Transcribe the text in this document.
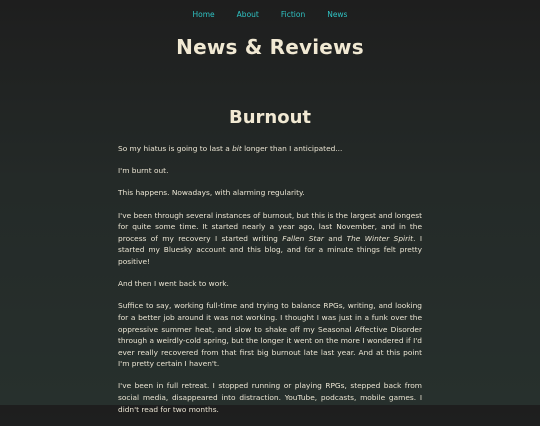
Home	About	Fiction	News
News & Reviews
Burnout

So my hiatus is going to last a bit longer than I anticipated...

I'm burnt out.

This happens. Nowadays, with alarming regularity.

I've been through several instances of burnout, but this is the largest and longest for quite some time. It started nearly a year ago, last November, and in the process of my recovery I started writing Fallen Star and The Winter Spirit. I started my Bluesky account and this blog, and for a minute things felt pretty positive!

And then I went back to work.

Suffice to say, working full-time and trying to balance RPGs, writing, and looking for a better job around it was not working. I thought I was just in a funk over the oppressive summer heat, and slow to shake off my Seasonal Affective Disorder through a weirdly-cold spring, but the longer it went on the more I wondered if I'd ever really recovered from that first big burnout late last year. And at this point I'm pretty certain I haven't.

I've been in full retreat. I stopped running or playing RPGs, stepped back from social media, disappeared into distraction. YouTube, podcasts, mobile games. I didn't read for two months.
